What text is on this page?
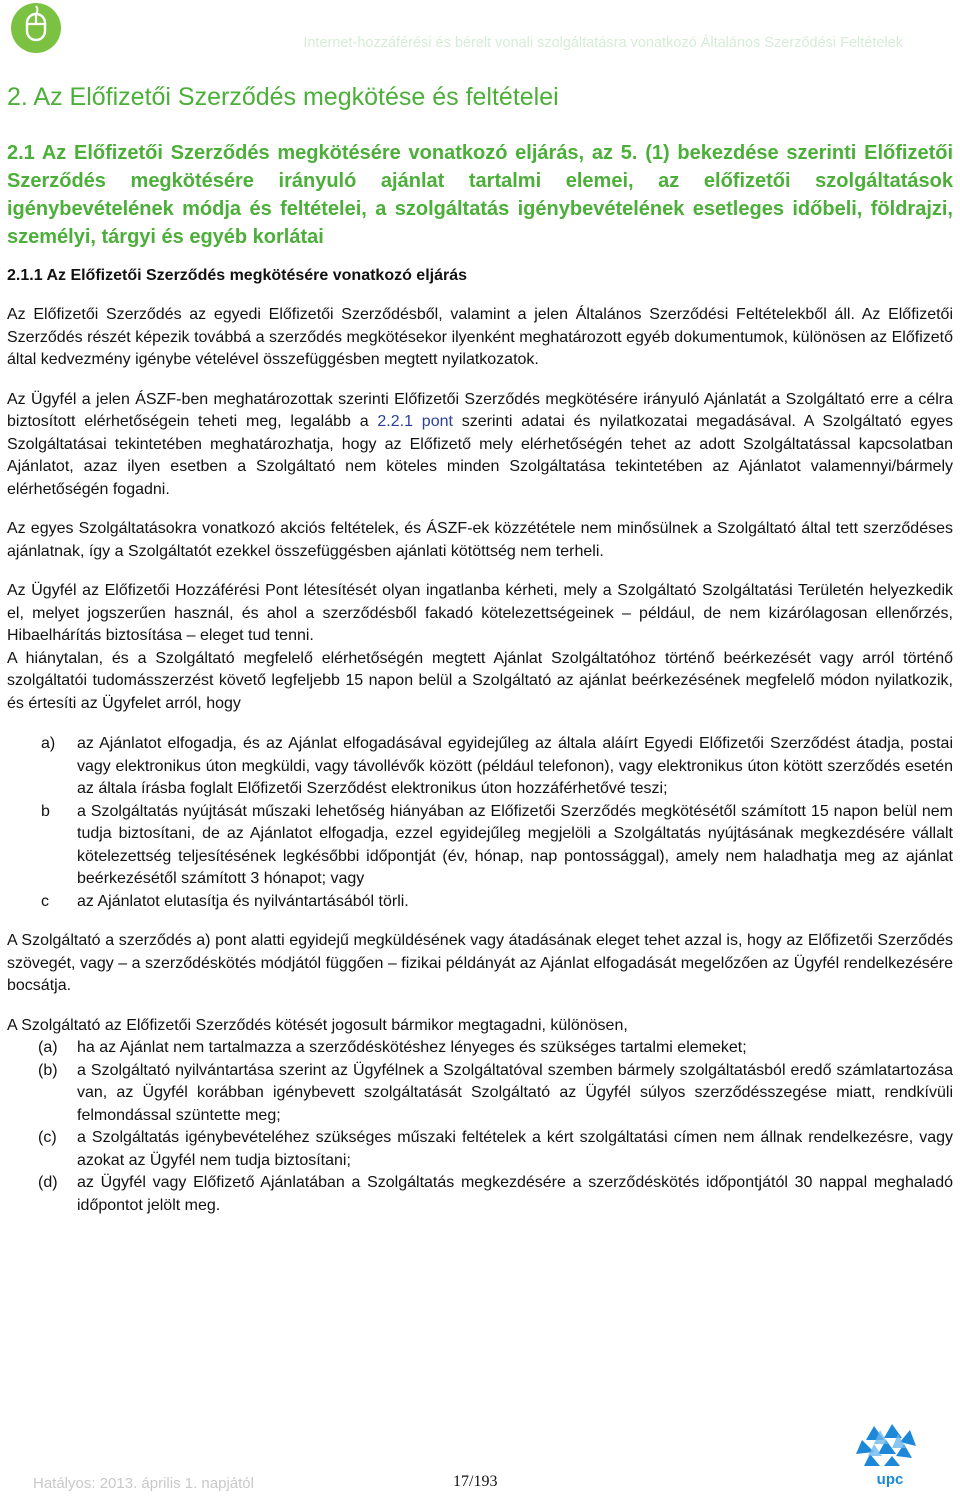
Internet-hozzáférési és bérelt vonali szolgáltatásra vonatkozó Általános Szerződési Feltételek
2. Az Előfizetői Szerződés megkötése és feltételei
2.1 Az Előfizetői Szerződés megkötésére vonatkozó eljárás, az 5. (1) bekezdése szerinti Előfizetői Szerződés megkötésére irányuló ajánlat tartalmi elemei, az előfizetői szolgáltatások igénybevételének módja és feltételei, a szolgáltatás igénybevételének esetleges időbeli, földrajzi, személyi, tárgyi és egyéb korlátai
2.1.1 Az Előfizetői Szerződés megkötésére vonatkozó eljárás

Az Előfizetői Szerződés az egyedi Előfizetői Szerződésből, valamint a jelen Általános Szerződési Feltételekből áll. Az Előfizetői Szerződés részét képezik továbbá a szerződés megkötésekor ilyenként meghatározott egyéb dokumentumok, különösen az Előfizető által kedvezmény igénybe vételével összefüggésben megtett nyilatkozatok.

Az Ügyfél a jelen ÁSZF-ben meghatározottak szerinti Előfizetői Szerződés megkötésére irányuló Ajánlatát a Szolgáltató erre a célra biztosított elérhetőségein teheti meg, legalább a 2.2.1 pont szerinti adatai és nyilatkozatai megadásával. A Szolgáltató egyes Szolgáltatásai tekintetében meghatározhatja, hogy az Előfizető mely elérhetőségén tehet az adott Szolgáltatással kapcsolatban Ajánlatot, azaz ilyen esetben a Szolgáltató nem köteles minden Szolgáltatása tekintetében az Ajánlatot valamennyi/bármely elérhetőségén fogadni.

Az egyes Szolgáltatásokra vonatkozó akciós feltételek, és ÁSZF-ek közzététele nem minősülnek a Szolgáltató által tett szerződéses ajánlatnak, így a Szolgáltatót ezekkel összefüggésben ajánlati kötöttség nem terheli.

Az Ügyfél az Előfizetői Hozzáférési Pont létesítését olyan ingatlanba kérheti, mely a Szolgáltató Szolgáltatási Területén helyezkedik el, melyet jogszerűen használ, és ahol a szerződésből fakadó kötelezettségeinek – például, de nem kizárólagosan ellenőrzés, Hibaelhárítás biztosítása – eleget tud tenni.

A hiánytalan, és a Szolgáltató megfelelő elérhetőségén megtett Ajánlat Szolgáltatóhoz történő beérkezését vagy arról történő szolgáltatói tudomásszerzést követő legfeljebb 15 napon belül a Szolgáltató az ajánlat beérkezésének megfelelő módon nyilatkozik, és értesíti az Ügyfelet arról, hogy

a)	az Ajánlatot elfogadja, és az Ajánlat elfogadásával egyidejűleg az általa aláírt Egyedi Előfizetői Szerződést átadja, postai vagy elektronikus úton megküldi, vagy távollévők között (például telefonon), vagy elektronikus úton kötött szerződés esetén az általa írásba foglalt Előfizetői Szerződést elektronikus úton hozzáférhetővé teszi;
b	a Szolgáltatás nyújtását műszaki lehetőség hiányában az Előfizetői Szerződés megkötésétől számított 15 napon belül nem tudja biztosítani, de az Ajánlatot elfogadja, ezzel egyidejűleg megjelöli a Szolgáltatás nyújtásának megkezdésére vállalt kötelezettség teljesítésének legkésőbbi időpontját (év, hónap, nap pontossággal), amely nem haladhatja meg az ajánlat beérkezésétől számított 3 hónapot; vagy
c	az Ajánlatot elutasítja és nyilvántartásából törli.

A Szolgáltató a szerződés a) pont alatti egyidejű megküldésének vagy átadásának eleget tehet azzal is, hogy az Előfizetői Szerződés szövegét, vagy – a szerződéskötés módjától függően – fizikai példányát az Ajánlat elfogadását megelőzően az Ügyfél rendelkezésére bocsátja.

A Szolgáltató az Előfizetői Szerződés kötését jogosult bármikor megtagadni, különösen,

(a)	ha az Ajánlat nem tartalmazza a szerződéskötéshez lényeges és szükséges tartalmi elemeket;
(b)	a Szolgáltató nyilvántartása szerint az Ügyfélnek a Szolgáltatóval szemben bármely szolgáltatásból eredő számlatartozása van, az Ügyfél korábban igénybevett szolgáltatását Szolgáltató az Ügyfél súlyos szerződésszegése miatt, rendkívüli felmondással szüntette meg;
(c)	a Szolgáltatás igénybevételéhez szükséges műszaki feltételek a kért szolgáltatási címen nem állnak rendelkezésre, vagy azokat az Ügyfél nem tudja biztosítani;
(d)	az Ügyfél vagy Előfizető Ajánlatában a Szolgáltatás megkezdésére a szerződéskötés időpontjától 30 nappal meghaladó időpontot jelölt meg.
Hatályos: 2013. április 1. napjától	17/193	upc
